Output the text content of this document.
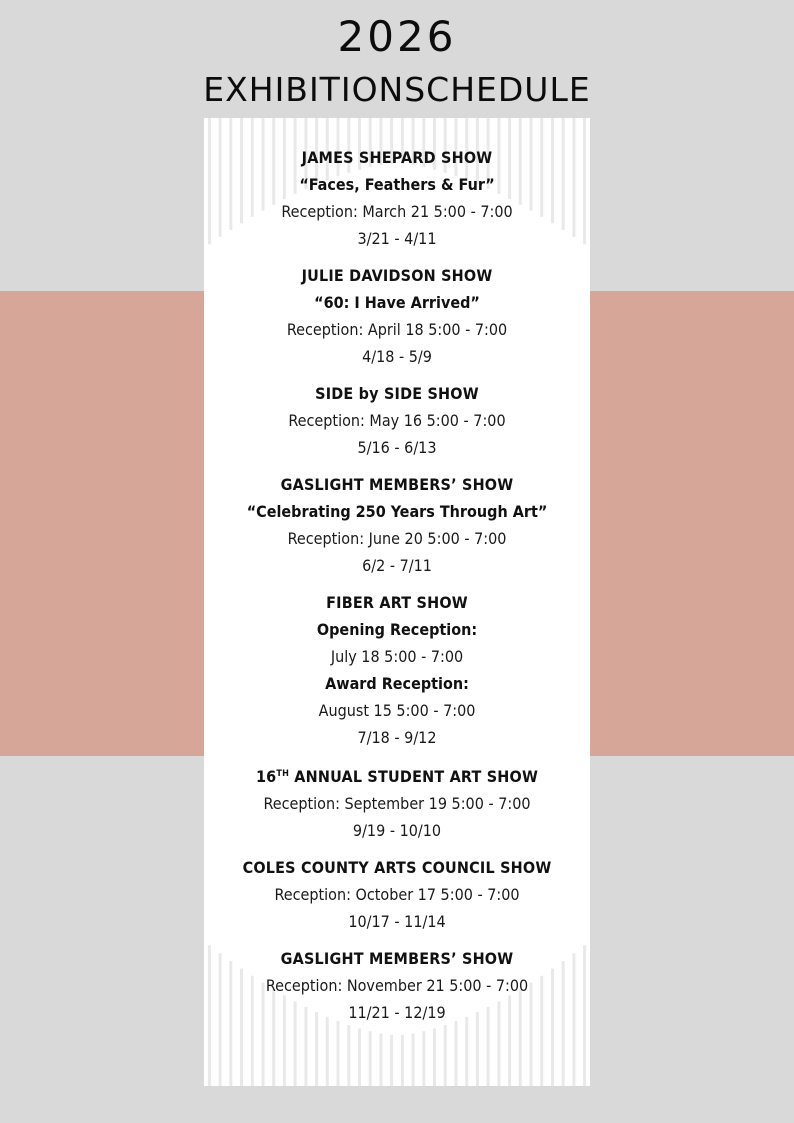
2026
EXHIBITIONSCHEDULE
JAMES SHEPARD SHOW
“Faces, Feathers & Fur”
Reception: March 21 5:00 - 7:00
3/21 - 4/11
JULIE DAVIDSON SHOW
“60: I Have Arrived”
Reception: April 18 5:00 - 7:00
4/18 - 5/9
SIDE by SIDE SHOW
Reception: May 16 5:00 - 7:00
5/16 - 6/13
GASLIGHT MEMBERS’ SHOW
“Celebrating 250 Years Through Art”
Reception: June 20 5:00 - 7:00
6/2 - 7/11
FIBER ART SHOW
Opening Reception:
July 18 5:00 - 7:00
Award Reception:
August 15 5:00 - 7:00
7/18 - 9/12
16TH ANNUAL STUDENT ART SHOW
Reception: September 19 5:00 - 7:00
9/19 - 10/10
COLES COUNTY ARTS COUNCIL SHOW
Reception: October 17 5:00 - 7:00
10/17 - 11/14
GASLIGHT MEMBERS’ SHOW
Reception: November 21 5:00 - 7:00
11/21 - 12/19
